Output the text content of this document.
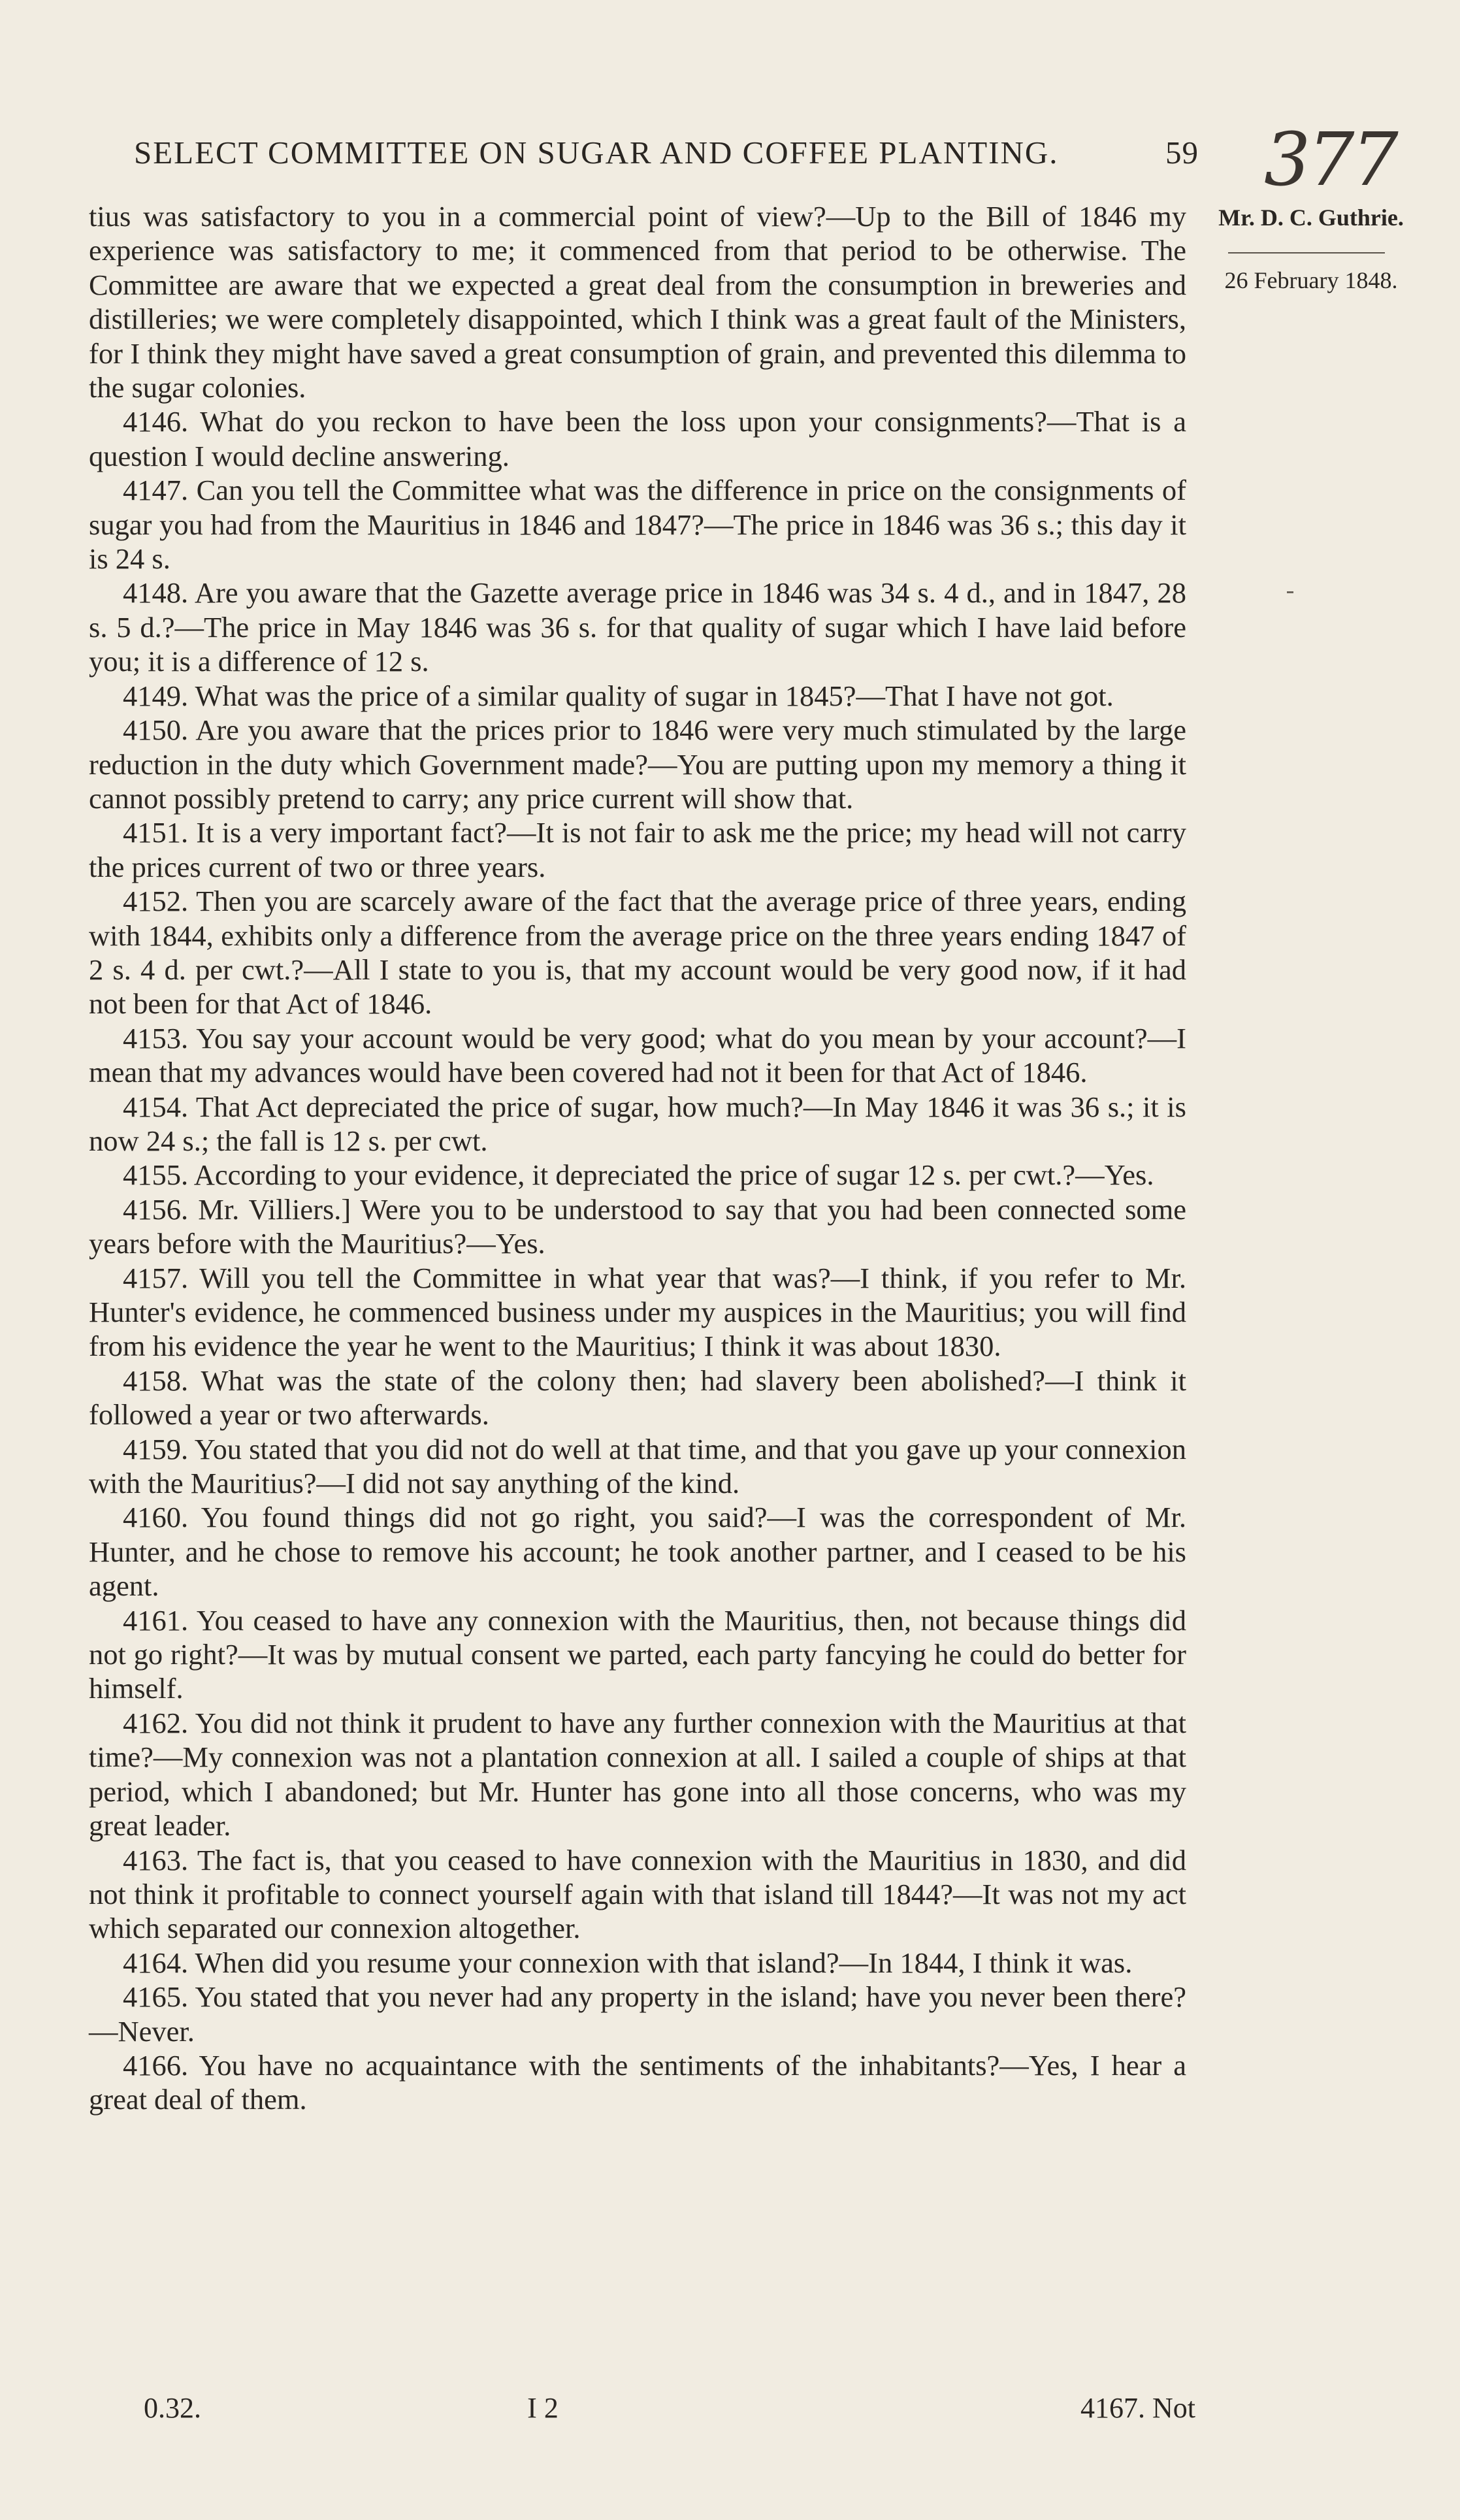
SELECT COMMITTEE ON SUGAR AND COFFEE PLANTING.	59 377
Mr. D. C. Guthrie.
26 February 1848.

tius was satisfactory to you in a commercial point of view?—Up to the Bill of 1846 my experience was satisfactory to me; it commenced from that period to be otherwise. The Committee are aware that we expected a great deal from the consumption in breweries and distilleries; we were completely disappointed, which I think was a great fault of the Ministers, for I think they might have saved a great consumption of grain, and prevented this dilemma to the sugar colonies.

4146. What do you reckon to have been the loss upon your consignments?—That is a question I would decline answering.

4147. Can you tell the Committee what was the difference in price on the consignments of sugar you had from the Mauritius in 1846 and 1847?—The price in 1846 was 36 s.; this day it is 24 s.

4148. Are you aware that the Gazette average price in 1846 was 34 s. 4 d., and in 1847, 28 s. 5 d.?—The price in May 1846 was 36 s. for that quality of sugar which I have laid before you; it is a difference of 12 s.

4149. What was the price of a similar quality of sugar in 1845?—That I have not got.

4150. Are you aware that the prices prior to 1846 were very much stimulated by the large reduction in the duty which Government made?—You are putting upon my memory a thing it cannot possibly pretend to carry; any price current will show that.

4151. It is a very important fact?—It is not fair to ask me the price; my head will not carry the prices current of two or three years.

4152. Then you are scarcely aware of the fact that the average price of three years, ending with 1844, exhibits only a difference from the average price on the three years ending 1847 of 2 s. 4 d. per cwt.?—All I state to you is, that my account would be very good now, if it had not been for that Act of 1846.

4153. You say your account would be very good; what do you mean by your account?—I mean that my advances would have been covered had not it been for that Act of 1846.

4154. That Act depreciated the price of sugar, how much?—In May 1846 it was 36 s.; it is now 24 s.; the fall is 12 s. per cwt.

4155. According to your evidence, it depreciated the price of sugar 12 s. per cwt.?—Yes.

4156. Mr. Villiers.] Were you to be understood to say that you had been connected some years before with the Mauritius?—Yes.

4157. Will you tell the Committee in what year that was?—I think, if you refer to Mr. Hunter's evidence, he commenced business under my auspices in the Mauritius; you will find from his evidence the year he went to the Mauritius; I think it was about 1830.

4158. What was the state of the colony then; had slavery been abolished?—I think it followed a year or two afterwards.

4159. You stated that you did not do well at that time, and that you gave up your connexion with the Mauritius?—I did not say anything of the kind.

4160. You found things did not go right, you said?—I was the correspondent of Mr. Hunter, and he chose to remove his account; he took another partner, and I ceased to be his agent.

4161. You ceased to have any connexion with the Mauritius, then, not because things did not go right?—It was by mutual consent we parted, each party fancying he could do better for himself.

4162. You did not think it prudent to have any further connexion with the Mauritius at that time?—My connexion was not a plantation connexion at all. I sailed a couple of ships at that period, which I abandoned; but Mr. Hunter has gone into all those concerns, who was my great leader.

4163. The fact is, that you ceased to have connexion with the Mauritius in 1830, and did not think it profitable to connect yourself again with that island till 1844?—It was not my act which separated our connexion altogether.

4164. When did you resume your connexion with that island?—In 1844, I think it was.

4165. You stated that you never had any property in the island; have you never been there?—Never.

4166. You have no acquaintance with the sentiments of the inhabitants?—Yes, I hear a great deal of them.

0.32.	I 2	4167. Not
